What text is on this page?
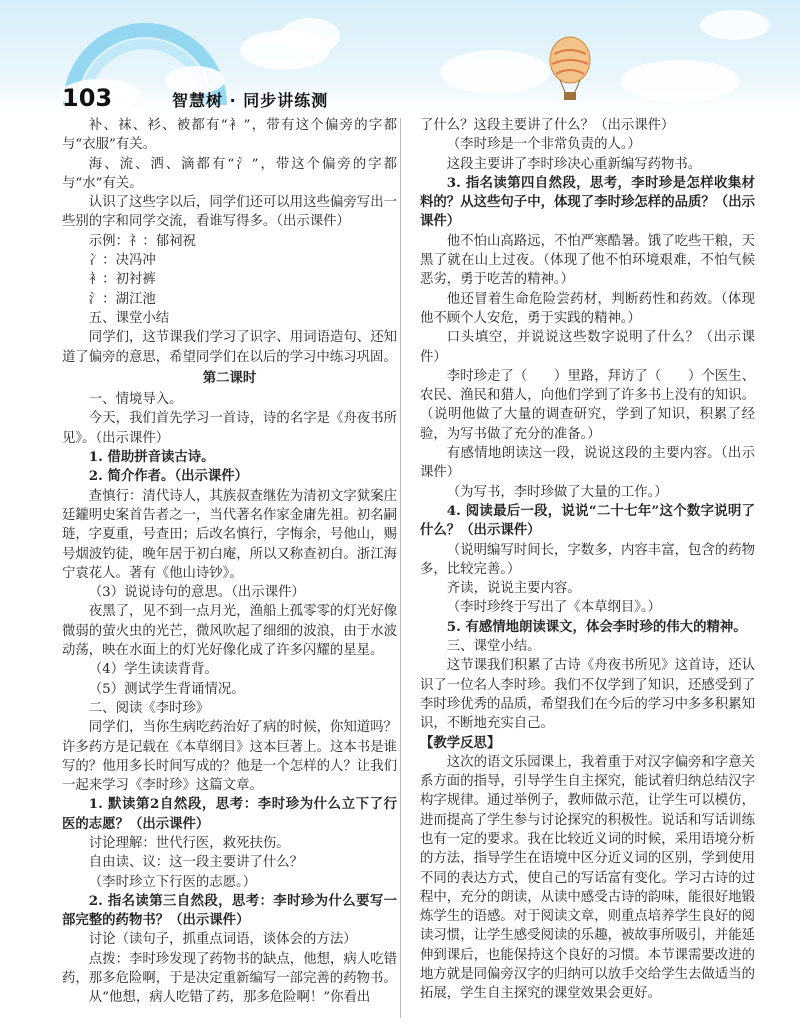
103	智慧树 · 同步讲练测

补、袜、衫、被都有“衤”，带有这个偏旁的字都与“衣服”有关。

海、流、洒、滴都有“氵”，带这个偏旁的字都与“水”有关。

认识了这些字以后，同学们还可以用这些偏旁写出一些别的字和同学交流，看谁写得多。（出示课件）

示例：礻：郁祠祝

冫：决冯冲

衤：初衬裤

氵：湖江池

五、课堂小结

同学们，这节课我们学习了识字、用词语造句、还知道了偏旁的意思，希望同学们在以后的学习中练习巩固。

第二课时

一、情境导入。

今天，我们首先学习一首诗，诗的名字是《舟夜书所见》。（出示课件）

1. 借助拼音读古诗。

2. 简介作者。（出示课件）

查慎行：清代诗人，其族叔查继佐为清初文字狱案庄廷鑨明史案首告者之一，当代著名作家金庸先祖。初名嗣琏，字夏重，号查田；后改名慎行，字悔余，号他山，赐号烟波钓徒，晚年居于初白庵，所以又称查初白。浙江海宁袁花人。著有《他山诗钞》。

（3）说说诗句的意思。（出示课件）

夜黑了，见不到一点月光，渔船上孤零零的灯光好像微弱的萤火虫的光芒，微风吹起了细细的波浪，由于水波动荡，映在水面上的灯光好像化成了许多闪耀的星星。

（4）学生读读背背。

（5）测试学生背诵情况。

二、阅读《李时珍》

同学们，当你生病吃药治好了病的时候，你知道吗？许多药方是记载在《本草纲目》这本巨著上。这本书是谁写的？他用多长时间写成的？他是一个怎样的人？让我们一起来学习《李时珍》这篇文章。

1. 默读第2自然段，思考：李时珍为什么立下了行医的志愿？（出示课件）

讨论理解：世代行医，救死扶伤。

自由读、议：这一段主要讲了什么？

（李时珍立下行医的志愿。）

2. 指名读第三自然段，思考：李时珍为什么要写一部完整的药物书？（出示课件）

讨论（读句子，抓重点词语，谈体会的方法）

点拨：李时珍发现了药物书的缺点，他想，病人吃错药，那多危险啊，于是决定重新编写一部完善的药物书。

从“他想，病人吃错了药，那多危险啊！”你看出

了什么？这段主要讲了什么？（出示课件）

（李时珍是一个非常负责的人。）

这段主要讲了李时珍决心重新编写药物书。

3. 指名读第四自然段，思考，李时珍是怎样收集材料的？从这些句子中，体现了李时珍怎样的品质？（出示课件）

他不怕山高路远，不怕严寒酷暑。饿了吃些干粮，天黑了就在山上过夜。（体现了他不怕环境艰难，不怕气候恶劣，勇于吃苦的精神。）

他还冒着生命危险尝药材，判断药性和药效。（体现他不顾个人安危，勇于实践的精神。）

口头填空，并说说这些数字说明了什么？（出示课件）

李时珍走了（　　）里路，拜访了（　　）个医生、农民、渔民和猎人，向他们学到了许多书上没有的知识。（说明他做了大量的调查研究，学到了知识，积累了经验，为写书做了充分的准备。）

有感情地朗读这一段，说说这段的主要内容。（出示课件）

（为写书，李时珍做了大量的工作。）

4. 阅读最后一段，说说“二十七年”这个数字说明了什么？（出示课件）

（说明编写时间长，字数多，内容丰富，包含的药物多，比较完善。）

齐读，说说主要内容。

（李时珍终于写出了《本草纲目》。）

5. 有感情地朗读课文，体会李时珍的伟大的精神。

三、课堂小结。

这节课我们积累了古诗《舟夜书所见》这首诗，还认识了一位名人李时珍。我们不仅学到了知识，还感受到了李时珍优秀的品质，希望我们在今后的学习中多多积累知识，不断地充实自己。

【教学反思】

这次的语文乐园课上，我着重于对汉字偏旁和字意关系方面的指导，引导学生自主探究，能试着归纳总结汉字构字规律。通过举例子，教师做示范，让学生可以模仿，进而提高了学生参与讨论探究的积极性。说话和写话训练也有一定的要求。我在比较近义词的时候，采用语境分析的方法，指导学生在语境中区分近义词的区别，学到使用不同的表达方式，使自己的写话富有变化。学习古诗的过程中，充分的朗读，从读中感受古诗的韵味，能很好地锻炼学生的语感。对于阅读文章，则重点培养学生良好的阅读习惯，让学生感受阅读的乐趣，被故事所吸引，并能延伸到课后，也能保持这个良好的习惯。本节课需要改进的地方就是同偏旁汉字的归纳可以放手交给学生去做适当的拓展，学生自主探究的课堂效果会更好。
